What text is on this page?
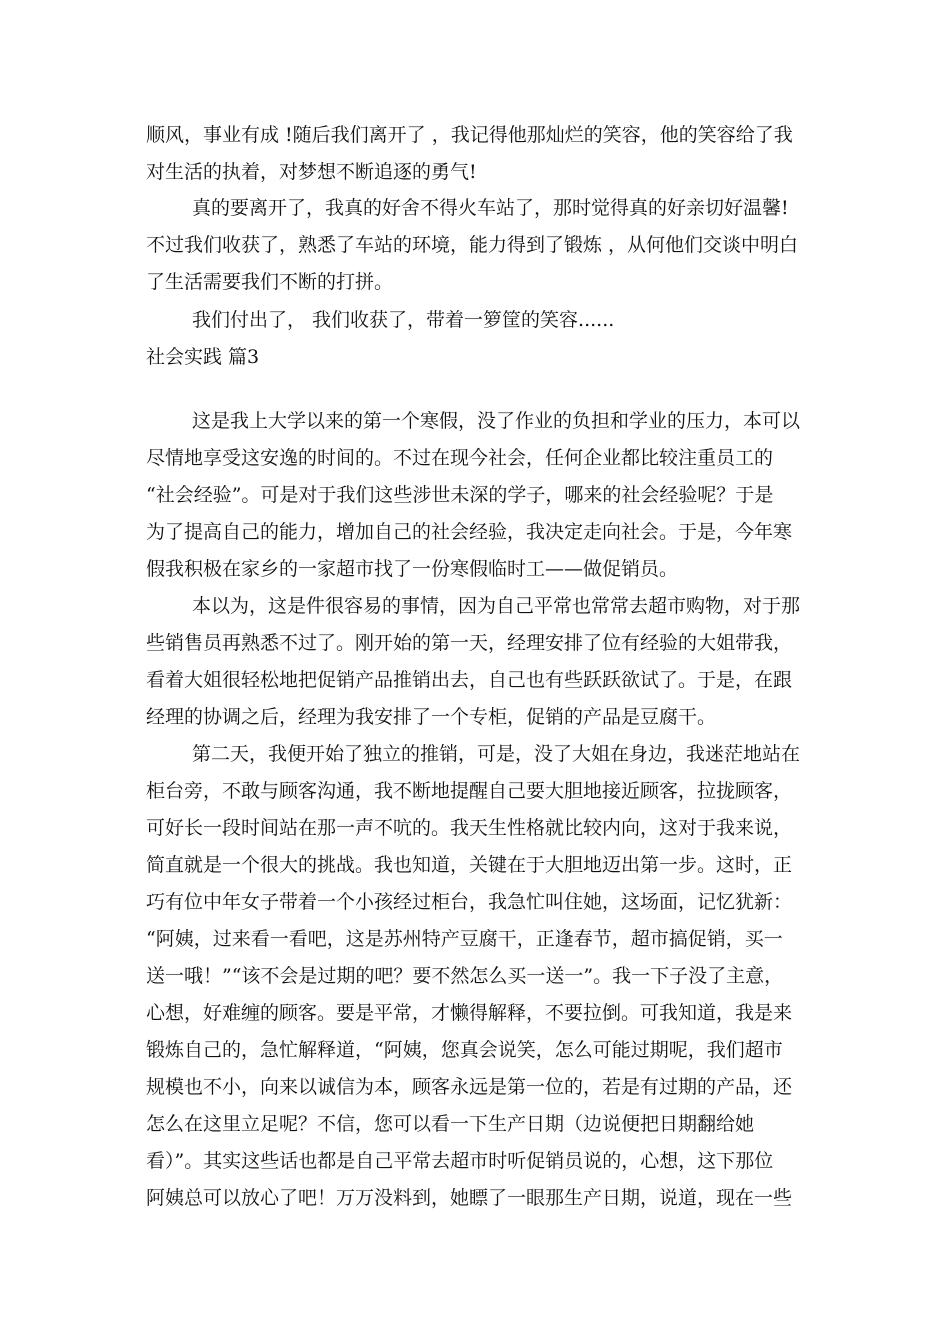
顺风，事业有成 !随后我们离开了 ，我记得他那灿烂的笑容，他的笑容给了我
对生活的执着，对梦想不断追逐的勇气!
真的要离开了，我真的好舍不得火车站了，那时觉得真的好亲切好温馨!
不过我们收获了，熟悉了车站的环境，能力得到了锻炼 ，从何他们交谈中明白
了生活需要我们不断的打拼。
我们付出了， 我们收获了，带着一箩筐的笑容......
社会实践 篇3
这是我上大学以来的第一个寒假，没了作业的负担和学业的压力，本可以
尽情地享受这安逸的时间的。不过在现今社会，任何企业都比较注重员工的
“社会经验”。可是对于我们这些涉世未深的学子，哪来的社会经验呢？于是
为了提高自己的能力，增加自己的社会经验，我决定走向社会。于是，今年寒
假我积极在家乡的一家超市找了一份寒假临时工——做促销员。
本以为，这是件很容易的事情，因为自己平常也常常去超市购物，对于那
些销售员再熟悉不过了。刚开始的第一天，经理安排了位有经验的大姐带我，
看着大姐很轻松地把促销产品推销出去，自己也有些跃跃欲试了。于是，在跟
经理的协调之后，经理为我安排了一个专柜，促销的产品是豆腐干。
第二天，我便开始了独立的推销，可是，没了大姐在身边，我迷茫地站在
柜台旁，不敢与顾客沟通，我不断地提醒自己要大胆地接近顾客，拉拢顾客，
可好长一段时间站在那一声不吭的。我天生性格就比较内向，这对于我来说，
简直就是一个很大的挑战。我也知道，关键在于大胆地迈出第一步。这时，正
巧有位中年女子带着一个小孩经过柜台，我急忙叫住她，这场面，记忆犹新：
“阿姨，过来看一看吧，这是苏州特产豆腐干，正逢春节，超市搞促销，买一
送一哦！”“该不会是过期的吧？要不然怎么买一送一”。我一下子没了主意，
心想，好难缠的顾客。要是平常，才懒得解释，不要拉倒。可我知道，我是来
锻炼自己的，急忙解释道，“阿姨，您真会说笑，怎么可能过期呢，我们超市
规模也不小，向来以诚信为本，顾客永远是第一位的，若是有过期的产品，还
怎么在这里立足呢？不信，您可以看一下生产日期（边说便把日期翻给她
看）”。其实这些话也都是自己平常去超市时听促销员说的，心想，这下那位
阿姨总可以放心了吧！万万没料到，她瞟了一眼那生产日期，说道，现在一些
